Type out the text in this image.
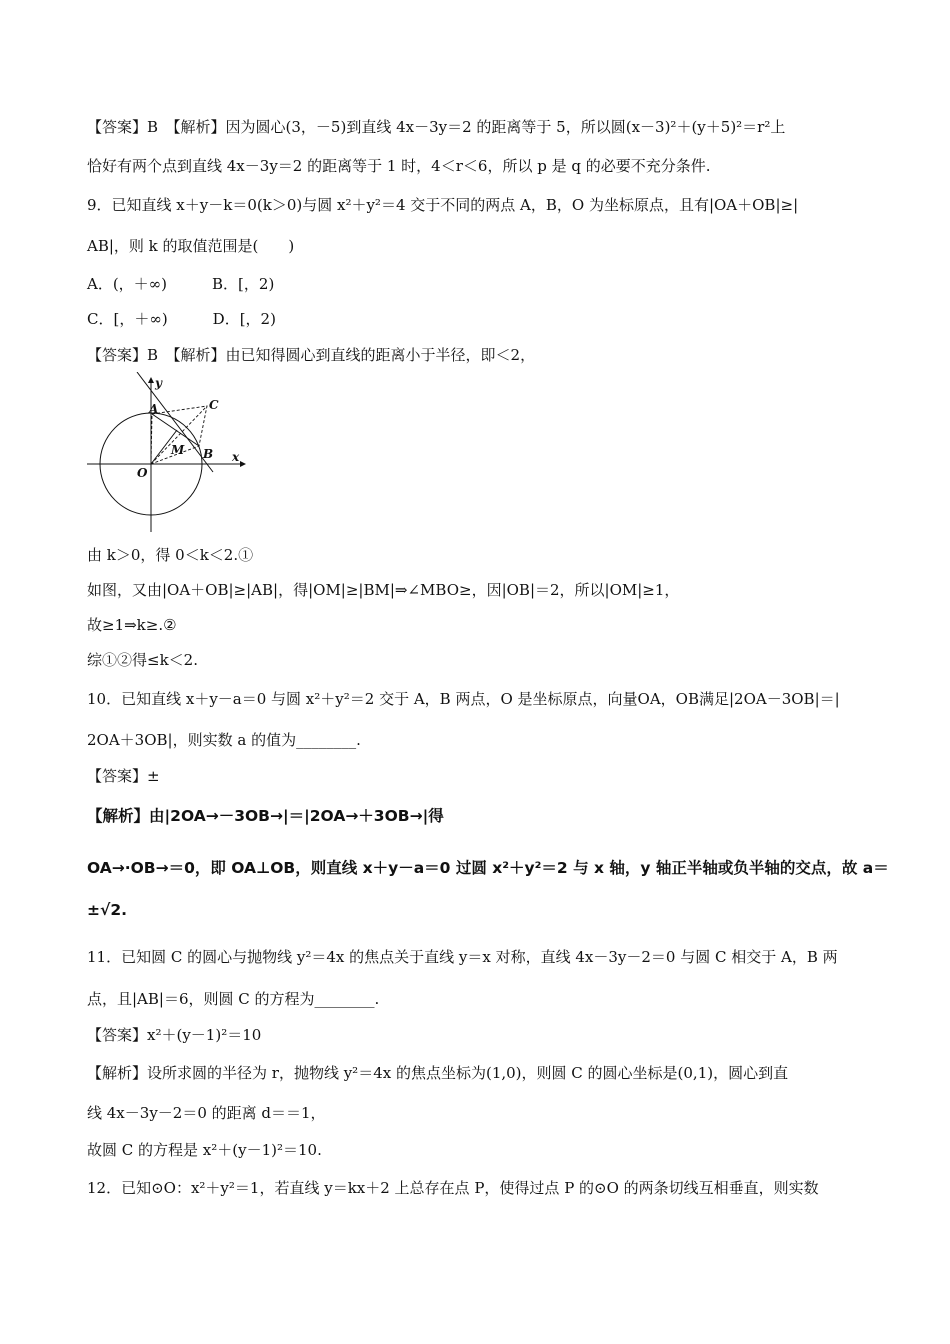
【答案】B　【解析】因为圆心(3，－5)到直线 4x－3y＝2 的距离等于 5，所以圆(x－3)²＋(y＋5)²＝r²上
恰好有两个点到直线 4x－3y＝2 的距离等于 1 时，4＜r＜6，所以 p 是 q 的必要不充分条件.
9．已知直线 x＋y－k＝0(k＞0)与圆 x²＋y²＝4 交于不同的两点 A，B，O 为坐标原点，且有|OA＋OB|≥|
AB|，则 k 的取值范围是(　　)
A．(，＋∞)　　　B．[，2)
C．[，＋∞)　　　D．[，2)
【答案】B　【解析】由已知得圆心到直线的距离小于半径，即＜2，
y
x
O
A
B
C
M
由 k＞0，得 0＜k＜2.①
如图，又由|OA＋OB|≥|AB|，得|OM|≥|BM|⇒∠MBO≥，因|OB|＝2，所以|OM|≥1，
故≥1⇒k≥.②
综①②得≤k＜2.
10．已知直线 x＋y－a＝0 与圆 x²＋y²＝2 交于 A，B 两点，O 是坐标原点，向量OA，OB满足|2OA－3OB|＝|
2OA＋3OB|，则实数 a 的值为________.
【答案】±
【解析】由|2OA→－3OB→|＝|2OA→＋3OB→|得
OA→·OB→＝0，即 OA⊥OB，则直线 x＋y－a＝0 过圆 x²＋y²＝2 与 x 轴，y 轴正半轴或负半轴的交点，故 a＝
±√2.
11．已知圆 C 的圆心与抛物线 y²＝4x 的焦点关于直线 y＝x 对称，直线 4x－3y－2＝0 与圆 C 相交于 A，B 两
点，且|AB|＝6，则圆 C 的方程为________.
【答案】x²＋(y－1)²＝10
【解析】设所求圆的半径为 r，抛物线 y²＝4x 的焦点坐标为(1,0)，则圆 C 的圆心坐标是(0,1)，圆心到直
线 4x－3y－2＝0 的距离 d＝＝1，
故圆 C 的方程是 x²＋(y－1)²＝10.
12．已知⊙O：x²＋y²＝1，若直线 y＝kx＋2 上总存在点 P，使得过点 P 的⊙O 的两条切线互相垂直，则实数
